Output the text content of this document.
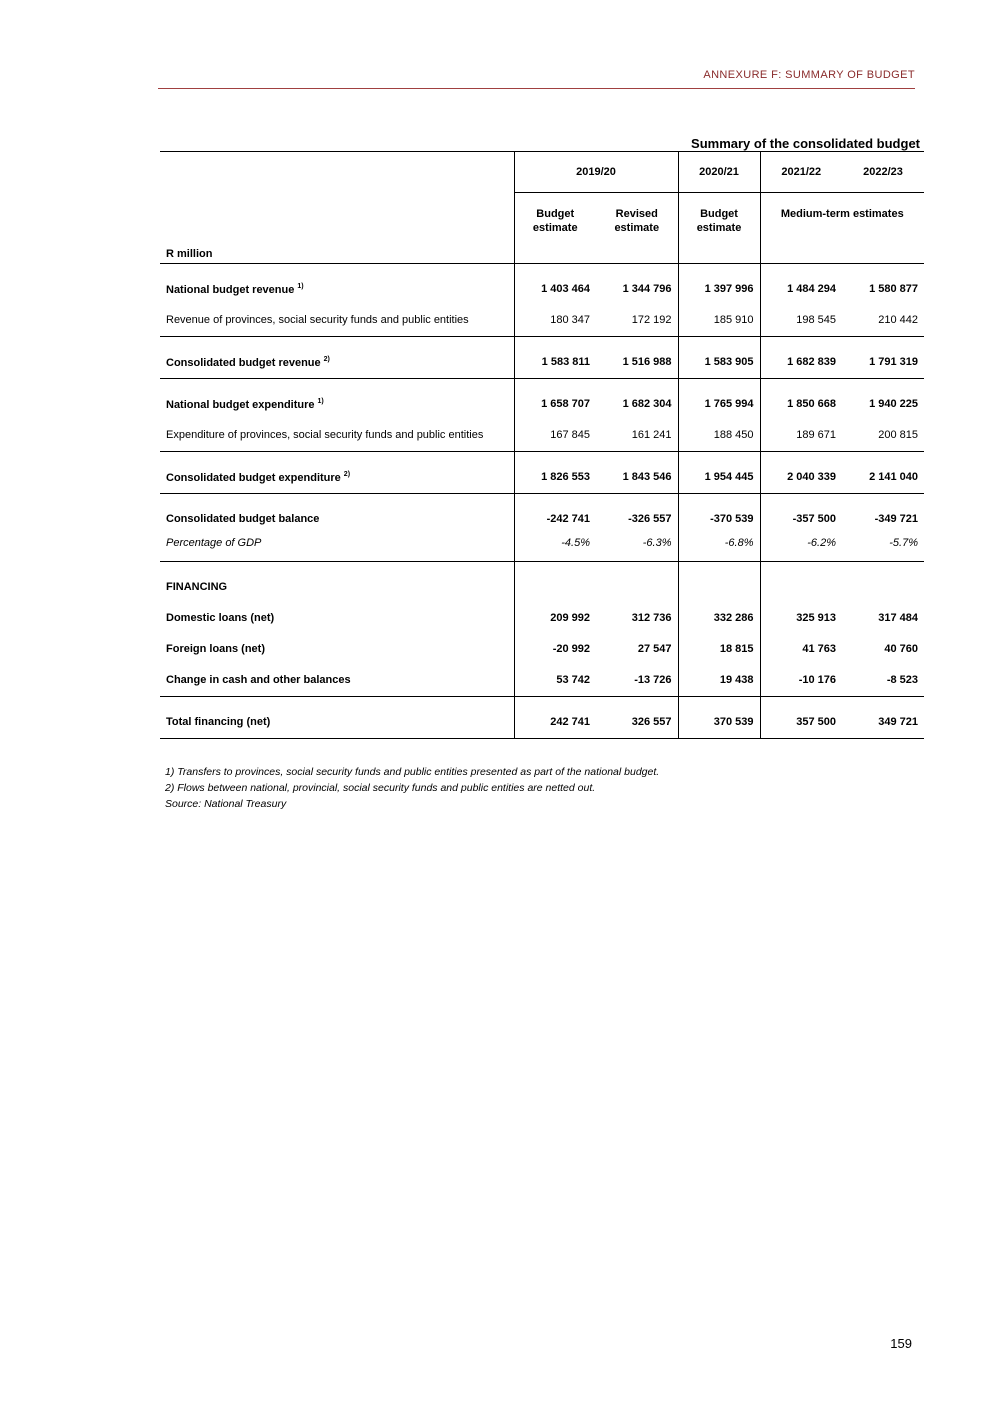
ANNEXURE F: SUMMARY OF BUDGET
Summary of the consolidated budget
	2019/20		2020/21	2021/22	2022/23
R million	Budget estimate	Revised estimate	Budget estimate	Medium-term estimates	
National budget revenue $^{1)}$	1 403 464	1 344 796	1 397 996	1 484 294	1 580 877
Revenue of provinces, social security funds and public entities	180 347	172 192	185 910	198 545	210 442
Consolidated budget revenue $^{2)}$	1 583 811	1 516 988	1 583 905	1 682 839	1 791 319
National budget expenditure $^{1)}$	1 658 707	1 682 304	1 765 994	1 850 668	1 940 225
Expenditure of provinces, social security funds and public entities	167 845	161 241	188 450	189 671	200 815
Consolidated budget expenditure $^{2)}$	1 826 553	1 843 546	1 954 445	2 040 339	2 141 040
Consolidated budget balance	-242 741	-326 557	-370 539	-357 500	-349 721
Percentage of GDP	-4.5%	-6.3%	-6.8%	-6.2%	-5.7%
FINANCING					
Domestic loans (net)	209 992	312 736	332 286	325 913	317 484
Foreign loans (net)	-20 992	27 547	18 815	41 763	40 760
Change in cash and other balances	53 742	-13 726	19 438	-10 176	-8 523
Total financing (net)	242 741	326 557	370 539	357 500	349 721
1) Transfers to provinces, social security funds and public entities presented as part of the national budget.
2) Flows between national, provincial, social security funds and public entities are netted out.
Source: National Treasury
159
